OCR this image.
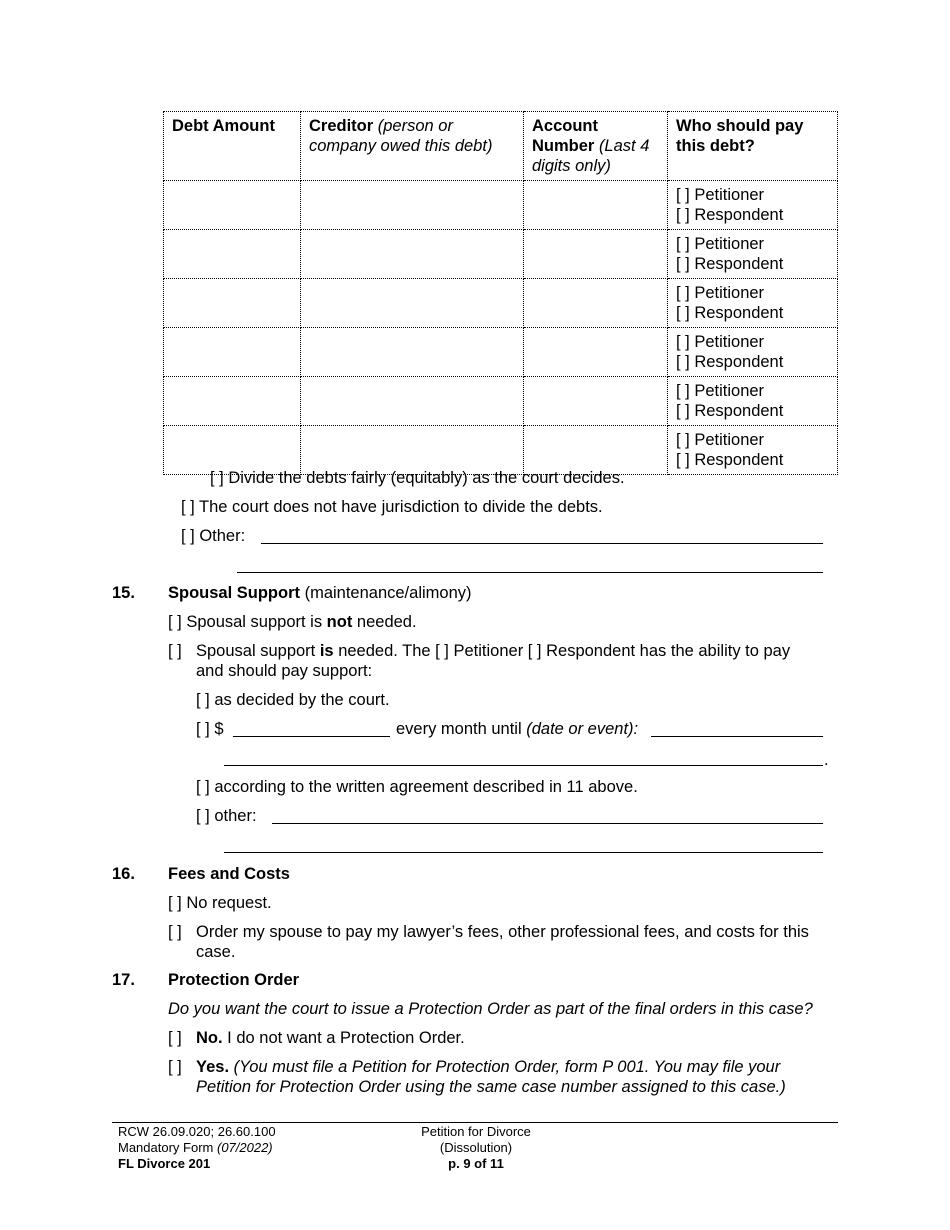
Debt Amount	Creditor (person or company owed this debt)	Account Number (Last 4 digits only)	Who should pay this debt?

			[ ] Petitioner
[ ] Respondent

			[ ] Petitioner
[ ] Respondent

			[ ] Petitioner
[ ] Respondent

			[ ] Petitioner
[ ] Respondent

			[ ] Petitioner
[ ] Respondent

			[ ] Petitioner
[ ] Respondent
[ ] Divide the debts fairly (equitably) as the court decides.
[ ] The court does not have jurisdiction to divide the debts.
[ ] Other:
15. Spousal Support (maintenance/alimony)
[ ] Spousal support is not needed.
[ ] Spousal support is needed. The [ ] Petitioner [ ] Respondent has the ability to pay
and should pay support:
[ ] as decided by the court.
[ ] $	every month until (date or event):
.
[ ] according to the written agreement described in 11 above.
[ ] other:
16. Fees and Costs
[ ] No request.
[ ] Order my spouse to pay my lawyer’s fees, other professional fees, and costs for this
case.
17. Protection Order
Do you want the court to issue a Protection Order as part of the final orders in this case?
[ ] No. I do not want a Protection Order.
[ ] Yes. (You must file a Petition for Protection Order, form P 001. You may file your
Petition for Protection Order using the same case number assigned to this case.)
RCW 26.09.020; 26.60.100
Mandatory Form (07/2022)
FL Divorce 201
Petition for Divorce
(Dissolution)
p. 9 of 11
